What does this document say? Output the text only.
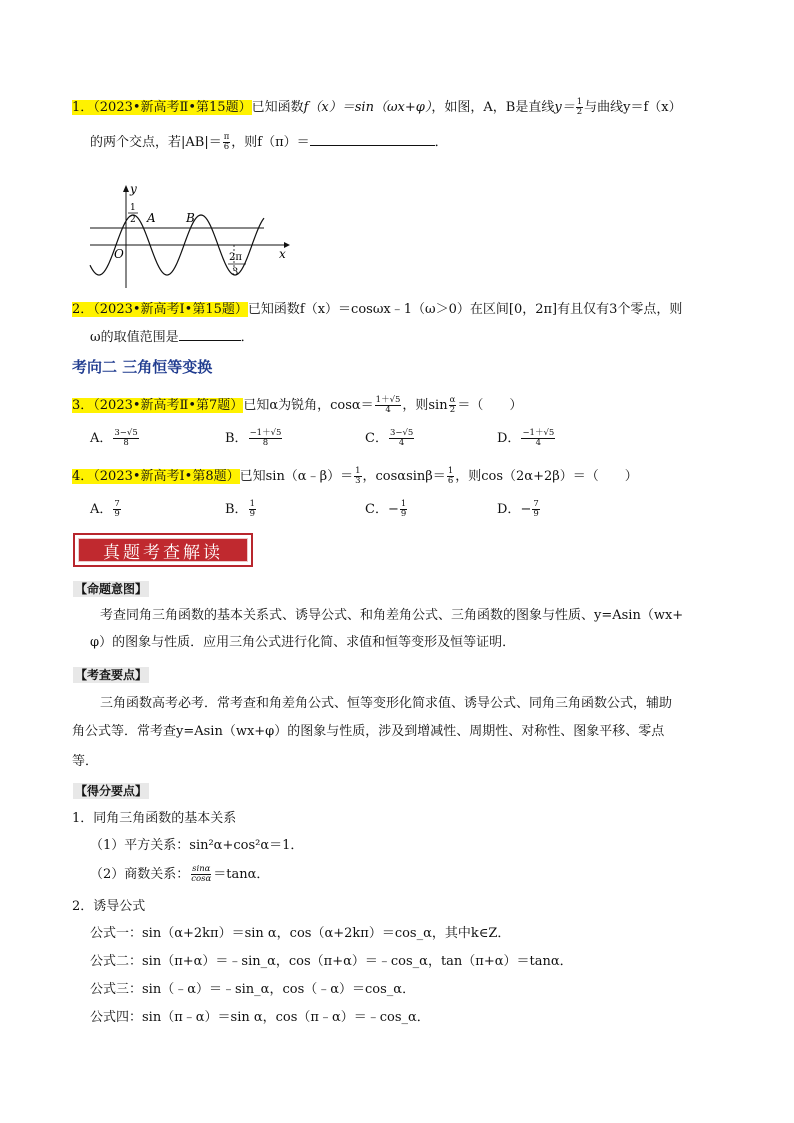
1．（2023•新高考Ⅱ•第15题）已知函数f（x）＝sin（ωx+φ），如图，A，B是直线$y= \frac{1}{2}$ 与曲线y＝f（x）
的两个交点，若$|AB|= \frac{\pi}{6}$ ，则f（π）＝	．
y
x
O
A	B
1
2
2π
3
2．（2023•新高考Ⅰ•第15题）已知函数f（x）＝cosωx﹣1（ω＞0）在区间[0，2π]有且仅有3个零点，则
ω的取值范围是	．
考向二 三角恒等变换
3．（2023•新高考Ⅱ•第7题）已知α为锐角，$\cos\alpha= \frac{1+√5}{4}$ ，则$\sin \frac{\alpha}{2}$ ＝（　　）
A． $\frac{3-√5}{8}$	B． $\frac{-1+√5}{8}$	C． $\frac{3-√5}{4}$	D． $\frac{-1+√5}{4}$
4．（2023•新高考Ⅰ•第8题）已知sin（α﹣β）＝ $\frac{1}{3}$ ，$\cos\alpha\sin\beta= \frac{1}{6}$ ，则cos（2α+2β）＝（　　）
A． $\frac{7}{9}$	B． $\frac{1}{9}$	C．− $\frac{1}{9}$	D．− $\frac{7}{9}$
真题考查解读
【命题意图】
考查同角三角函数的基本关系式、诱导公式、和角差角公式、三角函数的图象与性质、y=Asin（wx+
φ）的图象与性质．应用三角公式进行化简、求值和恒等变形及恒等证明．
【考查要点】
三角函数高考必考．常考查和角差角公式、恒等变形化简求值、诱导公式、同角三角函数公式，辅助
角公式等．常考查y=Asin（wx+φ）的图象与性质，涉及到增减性、周期性、对称性、图象平移、零点
等．
【得分要点】
1．同角三角函数的基本关系
（1）平方关系：sin²α+cos²α＝1．
（2）商数关系： $\frac{\sin\alpha}{\cos\alpha} =\tan\alpha$．
2．诱导公式
公式一：sin（α+2kπ）＝sin α，cos（α+2kπ）＝cos_α，其中k∈Z．
公式二：sin（π+α）＝﹣sin_α，cos（π+α）＝﹣cos_α，tan（π+α）＝tanα．
公式三：sin（﹣α）＝﹣sin_α，cos（﹣α）＝cos_α．
公式四：sin（π﹣α）＝sin α，cos（π﹣α）＝﹣cos_α．
